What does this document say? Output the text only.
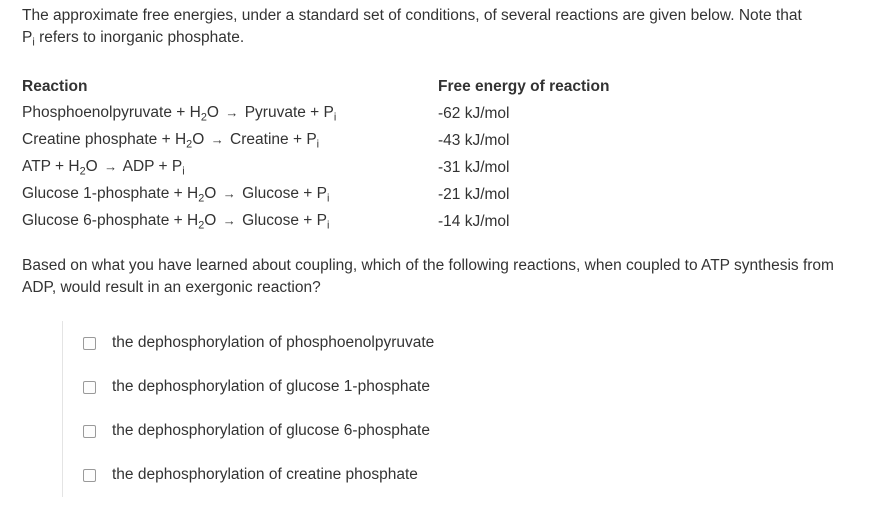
The approximate free energies, under a standard set of conditions, of several reactions are given below. Note that
$P_i$ refers to inorganic phosphate.
Reaction	Free energy of reaction
Phosphoenolpyruvate + $H_2O$ → Pyruvate + $P_i$	-62 kJ/mol
Creatine phosphate + $H_2O$ → Creatine + $P_i$	-43 kJ/mol
ATP + $H_2O$ → ADP + $P_i$	-31 kJ/mol
Glucose 1-phosphate + $H_2O \to Glucose + P_i$	-21 kJ/mol
Glucose 6-phosphate + $H_2O \to Glucose + P_i$	-14 kJ/mol
Based on what you have learned about coupling, which of the following reactions, when coupled to ATP synthesis from ADP, would result in an exergonic reaction?
the dephosphorylation of phosphoenolpyruvate
the dephosphorylation of glucose 1-phosphate
the dephosphorylation of glucose 6-phosphate
the dephosphorylation of creatine phosphate
